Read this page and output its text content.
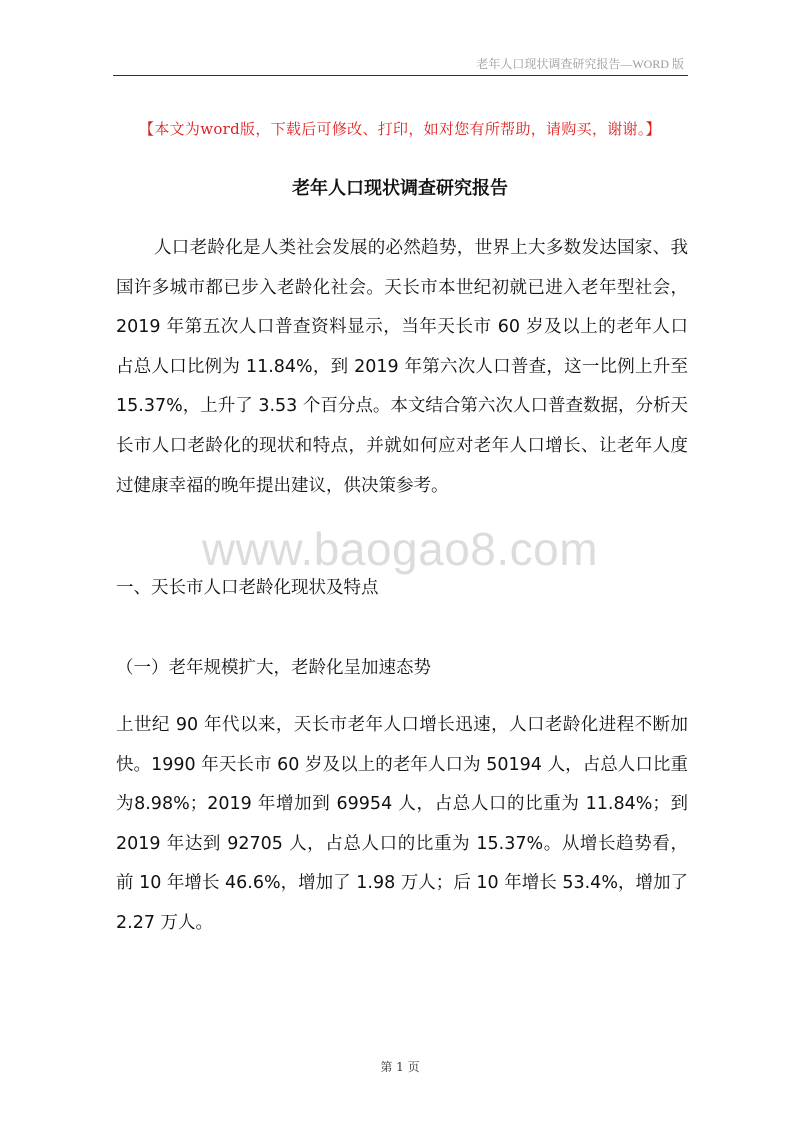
老年人口现状调查研究报告—WORD 版
【本文为word版，下载后可修改、打印，如对您有所帮助，请购买，谢谢。】
老年人口现状调查研究报告
人口老龄化是人类社会发展的必然趋势，世界上大多数发达国家、我国许多城市都已步入老龄化社会。天长市本世纪初就已进入老年型社会，2019 年第五次人口普查资料显示，当年天长市 60 岁及以上的老年人口占总人口比例为 11.84%，到 2019 年第六次人口普查，这一比例上升至 15.37%，上升了 3.53 个百分点。本文结合第六次人口普查数据，分析天长市人口老龄化的现状和特点，并就如何应对老年人口增长、让老年人度过健康幸福的晚年提出建议，供决策参考。
www.baogao8.com
一、天长市人口老龄化现状及特点
（一）老年规模扩大，老龄化呈加速态势
上世纪 90 年代以来，天长市老年人口增长迅速，人口老龄化进程不断加快。1990 年天长市 60 岁及以上的老年人口为 50194 人，占总人口比重为8.98%；2019 年增加到 69954 人，占总人口的比重为 11.84%；到 2019 年达到 92705 人，占总人口的比重为 15.37%。从增长趋势看，前 10 年增长 46.6%，增加了 1.98 万人；后 10 年增长 53.4%，增加了 2.27 万人。
第 1 页
